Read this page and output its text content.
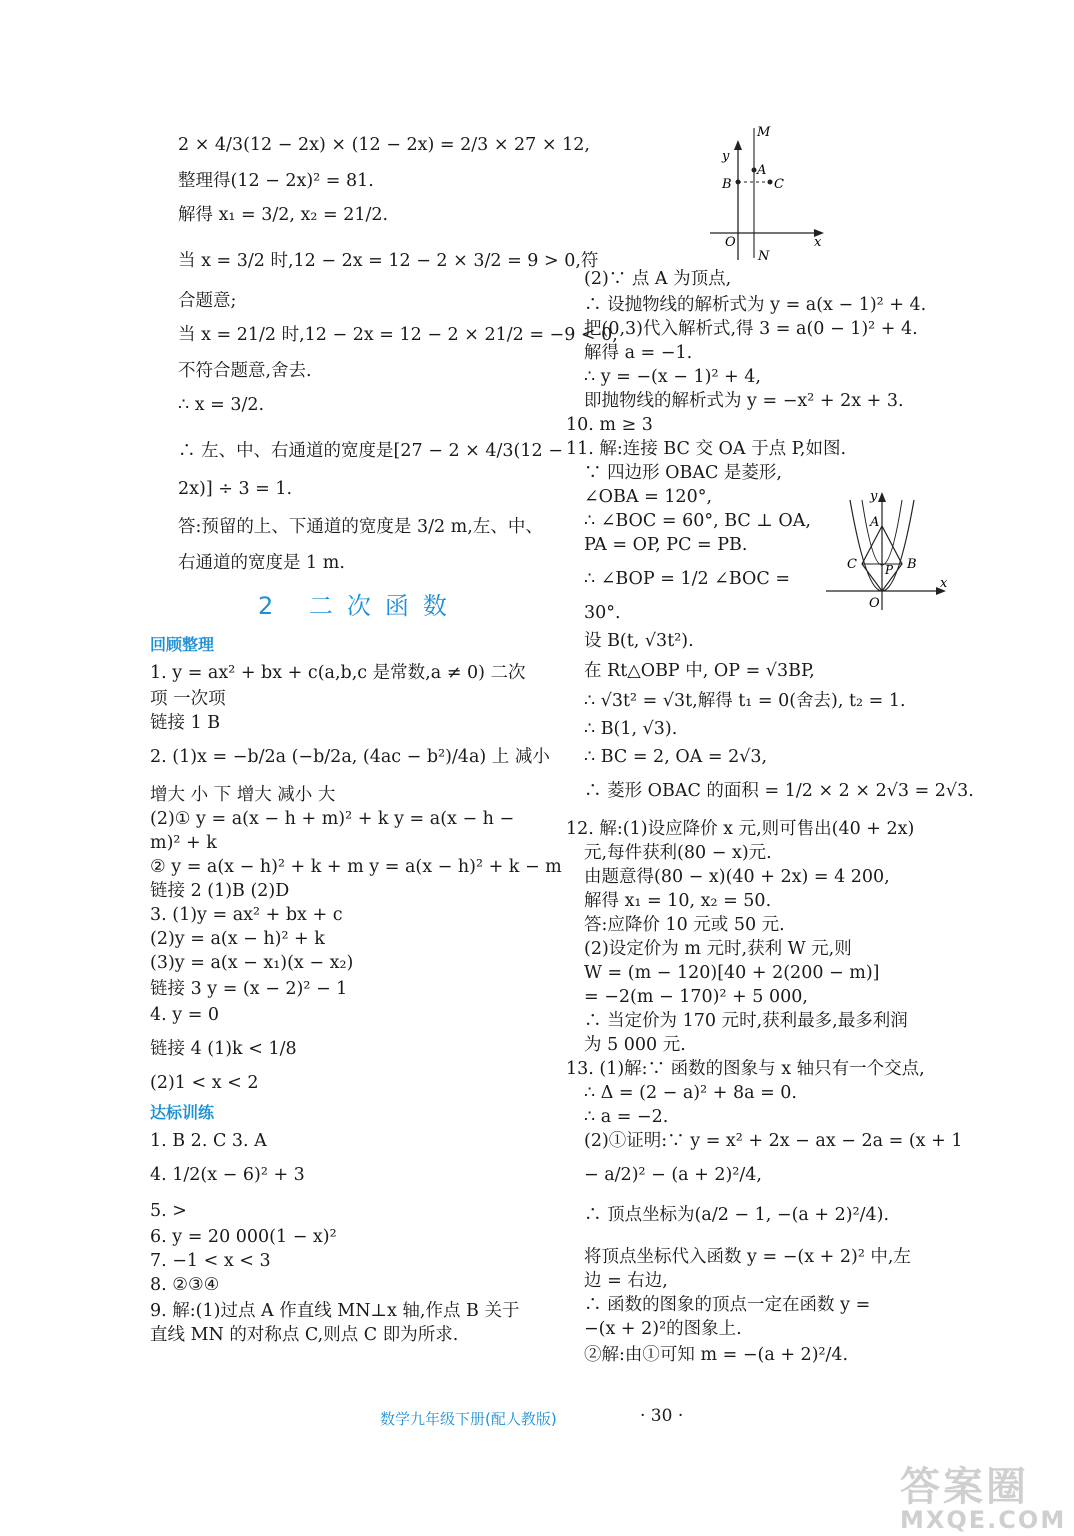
2 × 4/3(12 − 2x) × (12 − 2x) = 2/3 × 27 × 12,
整理得(12 − 2x)² = 81.
解得 x₁ = 3/2, x₂ = 21/2.
当 x = 3/2 时,12 − 2x = 12 − 2 × 3/2 = 9 > 0,符
合题意;
当 x = 21/2 时,12 − 2x = 12 − 2 × 21/2 = −9 < 0,
不符合题意,舍去.
∴ x = 3/2.
∴ 左、中、右通道的宽度是[27 − 2 × 4/3(12 −
2x)] ÷ 3 = 1.
答:预留的上、下通道的宽度是 3/2 m,左、中、
右通道的宽度是 1 m.
2 二次函数
回顾整理
1. y = ax² + bx + c(a,b,c 是常数,a ≠ 0) 二次
项 一次项
链接 1 B
2. (1)x = −b/2a (−b/2a, (4ac − b²)/4a) 上 减小
增大 小 下 增大 减小 大
(2)① y = a(x − h + m)² + k y = a(x − h −
m)² + k
② y = a(x − h)² + k + m y = a(x − h)² + k − m
链接 2 (1)B (2)D
3. (1)y = ax² + bx + c
(2)y = a(x − h)² + k
(3)y = a(x − x₁)(x − x₂)
链接 3 y = (x − 2)² − 1
4. y = 0
链接 4 (1)k < 1/8
(2)1 < x < 2
达标训练
1. B 2. C 3. A
4. 1/2(x − 6)² + 3
5. >
6. y = 20 000(1 − x)²
7. −1 < x < 3
8. ②③④
9. 解:(1)过点 A 作直线 MN⊥x 轴,作点 B 关于
直线 MN 的对称点 C,则点 C 即为所求.
(2)∵ 点 A 为顶点,
∴ 设抛物线的解析式为 y = a(x − 1)² + 4.
把(0,3)代入解析式,得 3 = a(0 − 1)² + 4.
解得 a = −1.
∴ y = −(x − 1)² + 4,
即抛物线的解析式为 y = −x² + 2x + 3.
10. m ≥ 3
11. 解:连接 BC 交 OA 于点 P,如图.
∵ 四边形 OBAC 是菱形,
∠OBA = 120°,
∴ ∠BOC = 60°, BC ⊥ OA,
PA = OP, PC = PB.
∴ ∠BOP = 1/2 ∠BOC =
30°.
设 B(t, √3t²).
在 Rt△OBP 中, OP = √3BP,
∴ √3t² = √3t,解得 t₁ = 0(舍去), t₂ = 1.
∴ B(1, √3).
∴ BC = 2, OA = 2√3,
∴ 菱形 OBAC 的面积 = 1/2 × 2 × 2√3 = 2√3.
12. 解:(1)设应降价 x 元,则可售出(40 + 2x)
元,每件获利(80 − x)元.
由题意得(80 − x)(40 + 2x) = 4 200,
解得 x₁ = 10, x₂ = 50.
答:应降价 10 元或 50 元.
(2)设定价为 m 元时,获利 W 元,则
W = (m − 120)[40 + 2(200 − m)]
= −2(m − 170)² + 5 000,
∴ 当定价为 170 元时,获利最多,最多利润
为 5 000 元.
13. (1)解:∵ 函数的图象与 x 轴只有一个交点,
∴ Δ = (2 − a)² + 8a = 0.
∴ a = −2.
(2)①证明:∵ y = x² + 2x − ax − 2a = (x + 1
− a/2)² − (a + 2)²/4,
∴ 顶点坐标为(a/2 − 1, −(a + 2)²/4).
将顶点坐标代入函数 y = −(x + 2)² 中,左
边 = 右边,
∴ 函数的图象的顶点一定在函数 y =
−(x + 2)²的图象上.
②解:由①可知 m = −(a + 2)²/4.
M
y
A
B	C
O
N
x
A
C P B
O
x
y
数学九年级下册(配人教版)	· 30 ·
答案圈
MXQE.COM
